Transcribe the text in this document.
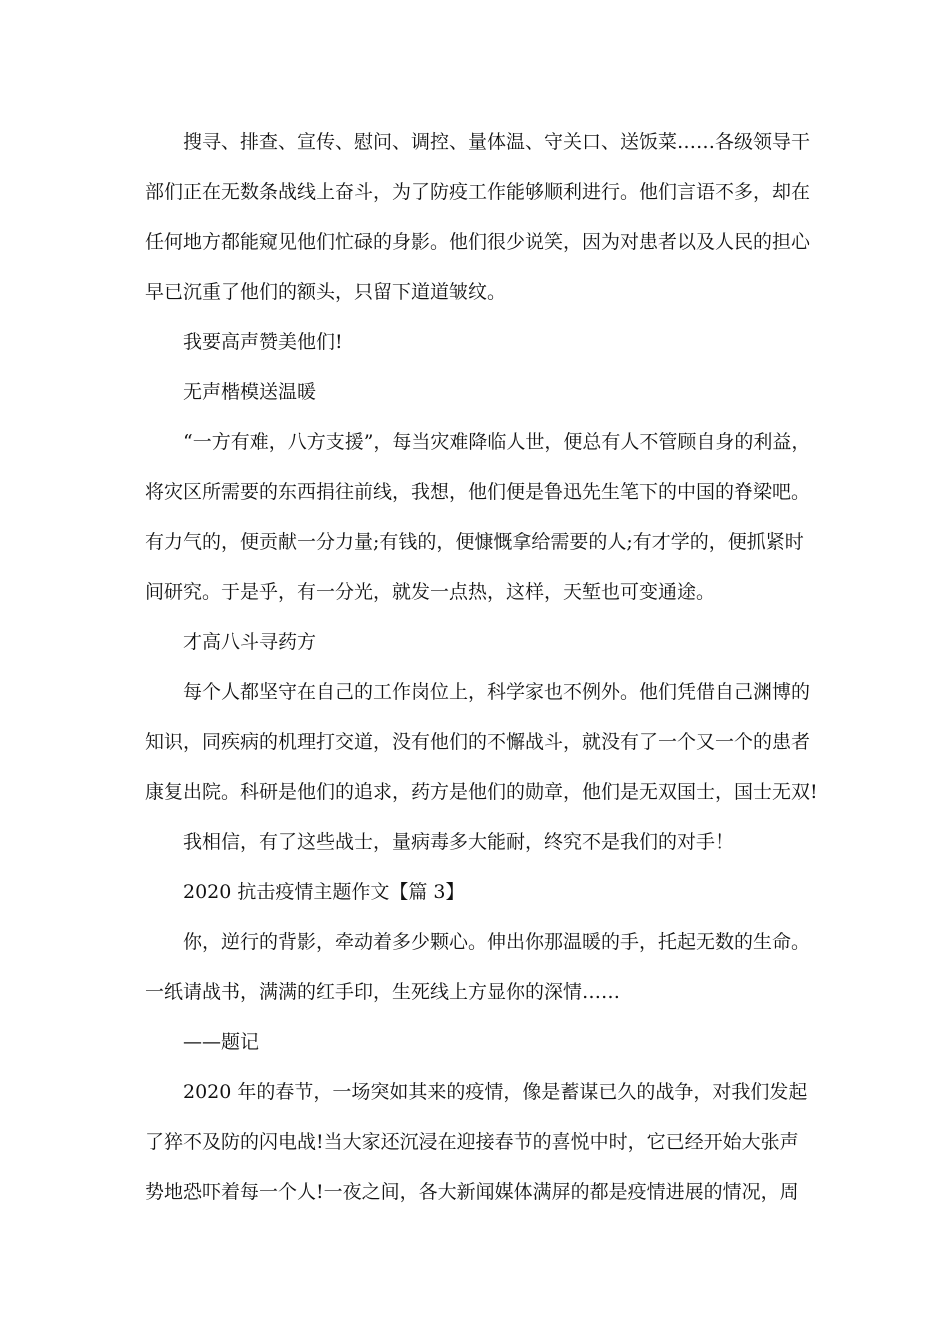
搜寻、排查、宣传、慰问、调控、量体温、守关口、送饭菜……各级领导干
部们正在无数条战线上奋斗，为了防疫工作能够顺利进行。他们言语不多，却在
任何地方都能窥见他们忙碌的身影。他们很少说笑，因为对患者以及人民的担心
早已沉重了他们的额头，只留下道道皱纹。
我要高声赞美他们!
无声楷模送温暖
“一方有难，八方支援”，每当灾难降临人世，便总有人不管顾自身的利益，
将灾区所需要的东西捐往前线，我想，他们便是鲁迅先生笔下的中国的脊梁吧。
有力气的，便贡献一分力量;有钱的，便慷慨拿给需要的人;有才学的，便抓紧时
间研究。于是乎，有一分光，就发一点热，这样，天堑也可变通途。
才高八斗寻药方
每个人都坚守在自己的工作岗位上，科学家也不例外。他们凭借自己渊博的
知识，同疾病的机理打交道，没有他们的不懈战斗，就没有了一个又一个的患者
康复出院。科研是他们的追求，药方是他们的勋章，他们是无双国士，国士无双!
我相信，有了这些战士，量病毒多大能耐，终究不是我们的对手！
2020 抗击疫情主题作文【篇 3】
你，逆行的背影，牵动着多少颗心。伸出你那温暖的手，托起无数的生命。
一纸请战书，满满的红手印，生死线上方显你的深情……
——题记
2020 年的春节，一场突如其来的疫情，像是蓄谋已久的战争，对我们发起
了猝不及防的闪电战!当大家还沉浸在迎接春节的喜悦中时，它已经开始大张声
势地恐吓着每一个人!一夜之间，各大新闻媒体满屏的都是疫情进展的情况，周
